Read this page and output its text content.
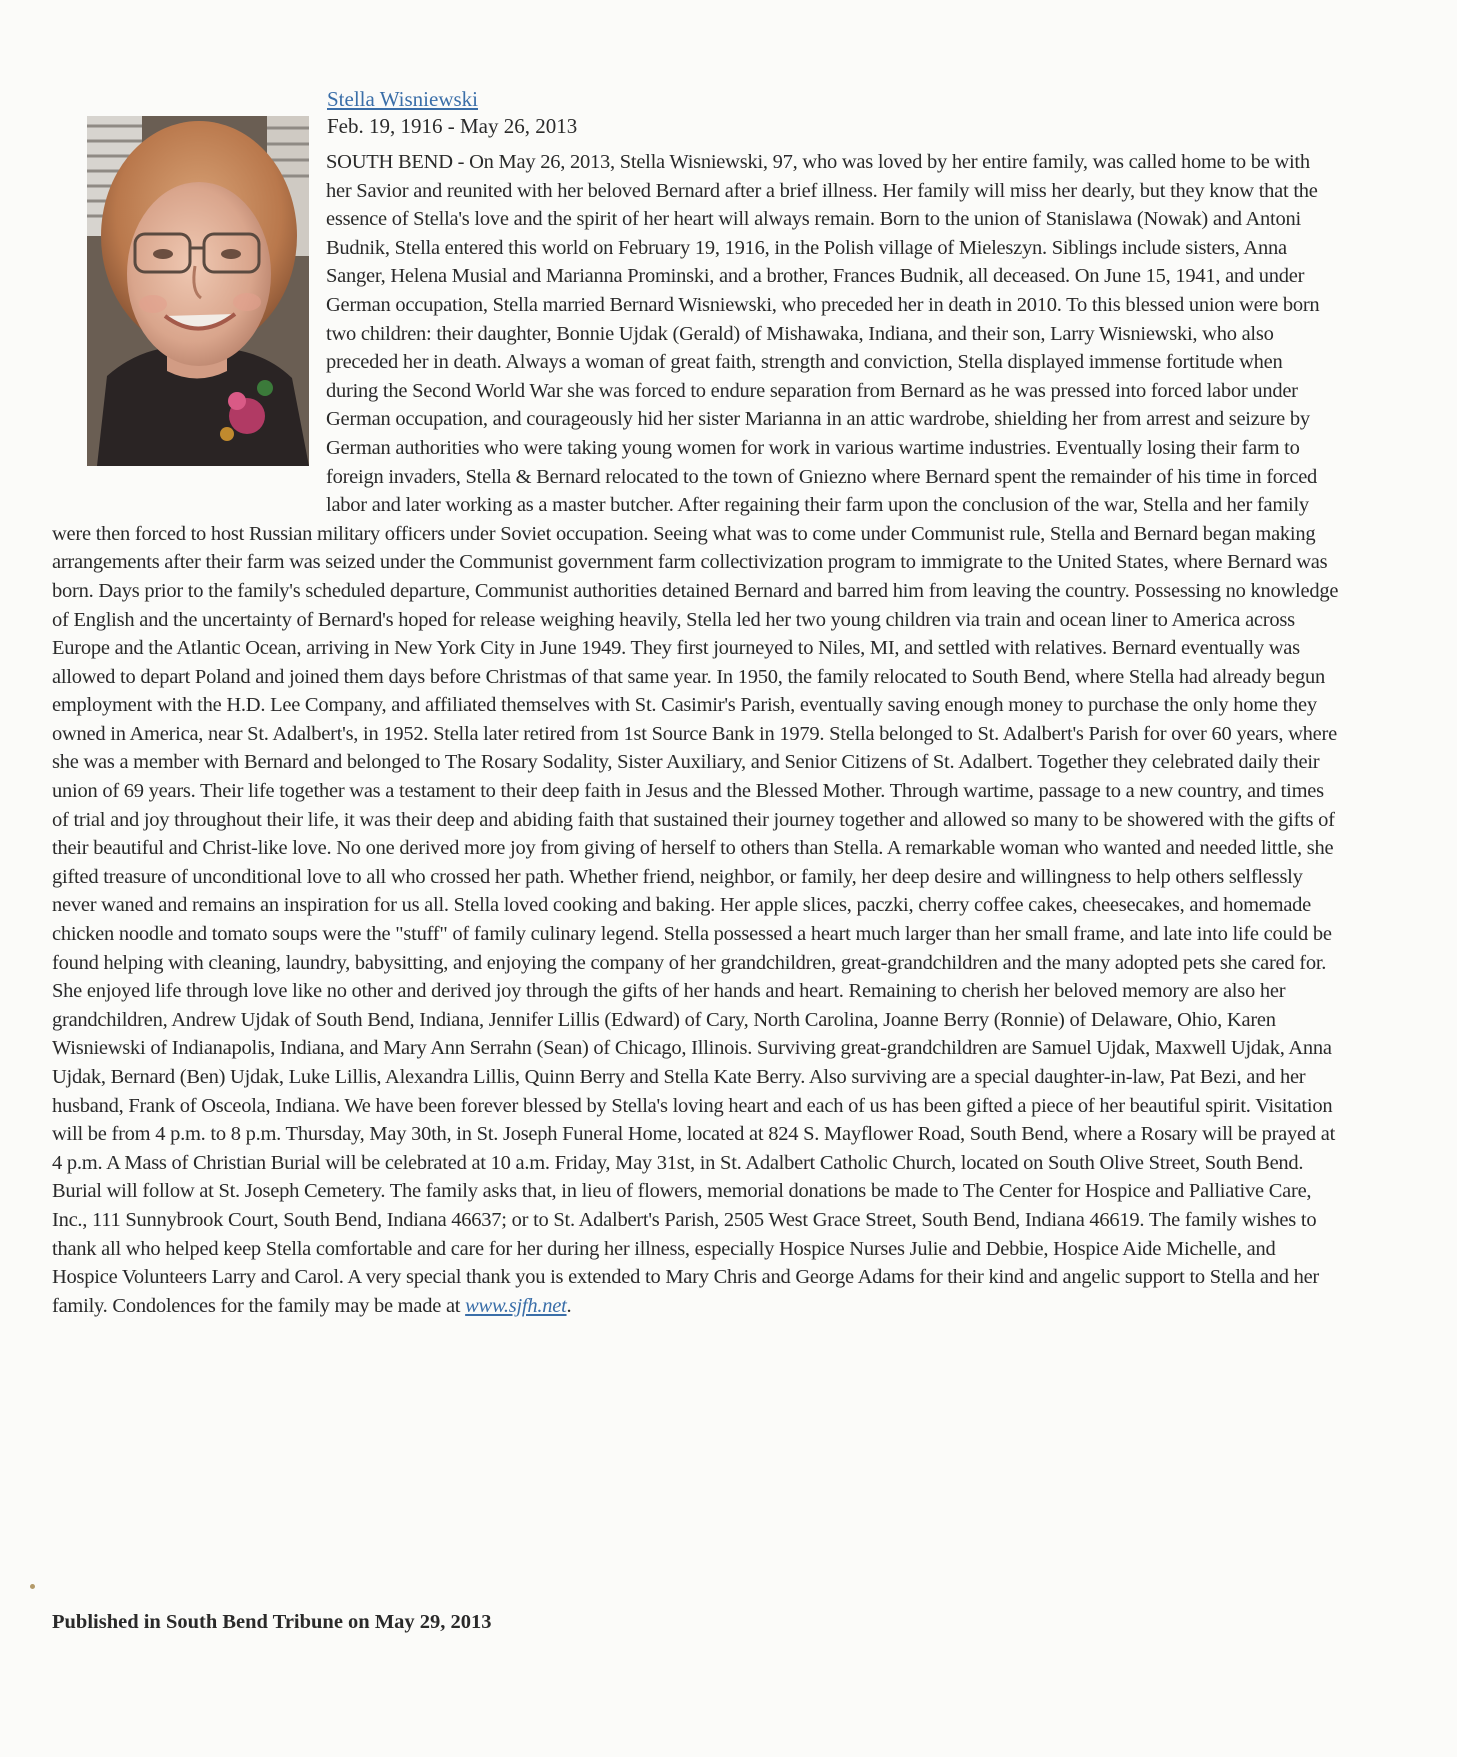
Stella Wisniewski
Feb. 19, 1916 - May 26, 2013

SOUTH BEND - On May 26, 2013, Stella Wisniewski, 97, who was loved by her entire family, was called home to be with her Savior and reunited with her beloved Bernard after a brief illness. Her family will miss her dearly, but they know that the essence of Stella's love and the spirit of her heart will always remain. Born to the union of Stanislawa (Nowak) and Antoni Budnik, Stella entered this world on February 19, 1916, in the Polish village of Mieleszyn. Siblings include sisters, Anna Sanger, Helena Musial and Marianna Prominski, and a brother, Frances Budnik, all deceased. On June 15, 1941, and under German occupation, Stella married Bernard Wisniewski, who preceded her in death in 2010. To this blessed union were born two children: their daughter, Bonnie Ujdak (Gerald) of Mishawaka, Indiana, and their son, Larry Wisniewski, who also preceded her in death. Always a woman of great faith, strength and conviction, Stella displayed immense fortitude when during the Second World War she was forced to endure separation from Bernard as he was pressed into forced labor under German occupation, and courageously hid her sister Marianna in an attic wardrobe, shielding her from arrest and seizure by German authorities who were taking young women for work in various wartime industries. Eventually losing their farm to foreign invaders, Stella & Bernard relocated to the town of Gniezno where Bernard spent the remainder of his time in forced labor and later working as a master butcher. After regaining their farm upon the conclusion of the war, Stella and her family were then forced to host Russian military officers under Soviet occupation. Seeing what was to come under Communist rule, Stella and Bernard began making arrangements after their farm was seized under the Communist government farm collectivization program to immigrate to the United States, where Bernard was born. Days prior to the family's scheduled departure, Communist authorities detained Bernard and barred him from leaving the country. Possessing no knowledge of English and the uncertainty of Bernard's hoped for release weighing heavily, Stella led her two young children via train and ocean liner to America across Europe and the Atlantic Ocean, arriving in New York City in June 1949. They first journeyed to Niles, MI, and settled with relatives. Bernard eventually was allowed to depart Poland and joined them days before Christmas of that same year. In 1950, the family relocated to South Bend, where Stella had already begun employment with the H.D. Lee Company, and affiliated themselves with St. Casimir's Parish, eventually saving enough money to purchase the only home they owned in America, near St. Adalbert's, in 1952. Stella later retired from 1st Source Bank in 1979. Stella belonged to St. Adalbert's Parish for over 60 years, where she was a member with Bernard and belonged to The Rosary Sodality, Sister Auxiliary, and Senior Citizens of St. Adalbert. Together they celebrated daily their union of 69 years. Their life together was a testament to their deep faith in Jesus and the Blessed Mother. Through wartime, passage to a new country, and times of trial and joy throughout their life, it was their deep and abiding faith that sustained their journey together and allowed so many to be showered with the gifts of their beautiful and Christ-like love. No one derived more joy from giving of herself to others than Stella. A remarkable woman who wanted and needed little, she gifted treasure of unconditional love to all who crossed her path. Whether friend, neighbor, or family, her deep desire and willingness to help others selflessly never waned and remains an inspiration for us all. Stella loved cooking and baking. Her apple slices, paczki, cherry coffee cakes, cheesecakes, and homemade chicken noodle and tomato soups were the "stuff" of family culinary legend. Stella possessed a heart much larger than her small frame, and late into life could be found helping with cleaning, laundry, babysitting, and enjoying the company of her grandchildren, great-grandchildren and the many adopted pets she cared for. She enjoyed life through love like no other and derived joy through the gifts of her hands and heart. Remaining to cherish her beloved memory are also her grandchildren, Andrew Ujdak of South Bend, Indiana, Jennifer Lillis (Edward) of Cary, North Carolina, Joanne Berry (Ronnie) of Delaware, Ohio, Karen Wisniewski of Indianapolis, Indiana, and Mary Ann Serrahn (Sean) of Chicago, Illinois. Surviving great-grandchildren are Samuel Ujdak, Maxwell Ujdak, Anna Ujdak, Bernard (Ben) Ujdak, Luke Lillis, Alexandra Lillis, Quinn Berry and Stella Kate Berry. Also surviving are a special daughter-in-law, Pat Bezi, and her husband, Frank of Osceola, Indiana. We have been forever blessed by Stella's loving heart and each of us has been gifted a piece of her beautiful spirit. Visitation will be from 4 p.m. to 8 p.m. Thursday, May 30th, in St. Joseph Funeral Home, located at 824 S. Mayflower Road, South Bend, where a Rosary will be prayed at 4 p.m. A Mass of Christian Burial will be celebrated at 10 a.m. Friday, May 31st, in St. Adalbert Catholic Church, located on South Olive Street, South Bend. Burial will follow at St. Joseph Cemetery. The family asks that, in lieu of flowers, memorial donations be made to The Center for Hospice and Palliative Care, Inc., 111 Sunnybrook Court, South Bend, Indiana 46637; or to St. Adalbert's Parish, 2505 West Grace Street, South Bend, Indiana 46619. The family wishes to thank all who helped keep Stella comfortable and care for her during her illness, especially Hospice Nurses Julie and Debbie, Hospice Aide Michelle, and Hospice Volunteers Larry and Carol. A very special thank you is extended to Mary Chris and George Adams for their kind and angelic support to Stella and her family. Condolences for the family may be made at www.sjfh.net.

Published in South Bend Tribune on May 29, 2013
